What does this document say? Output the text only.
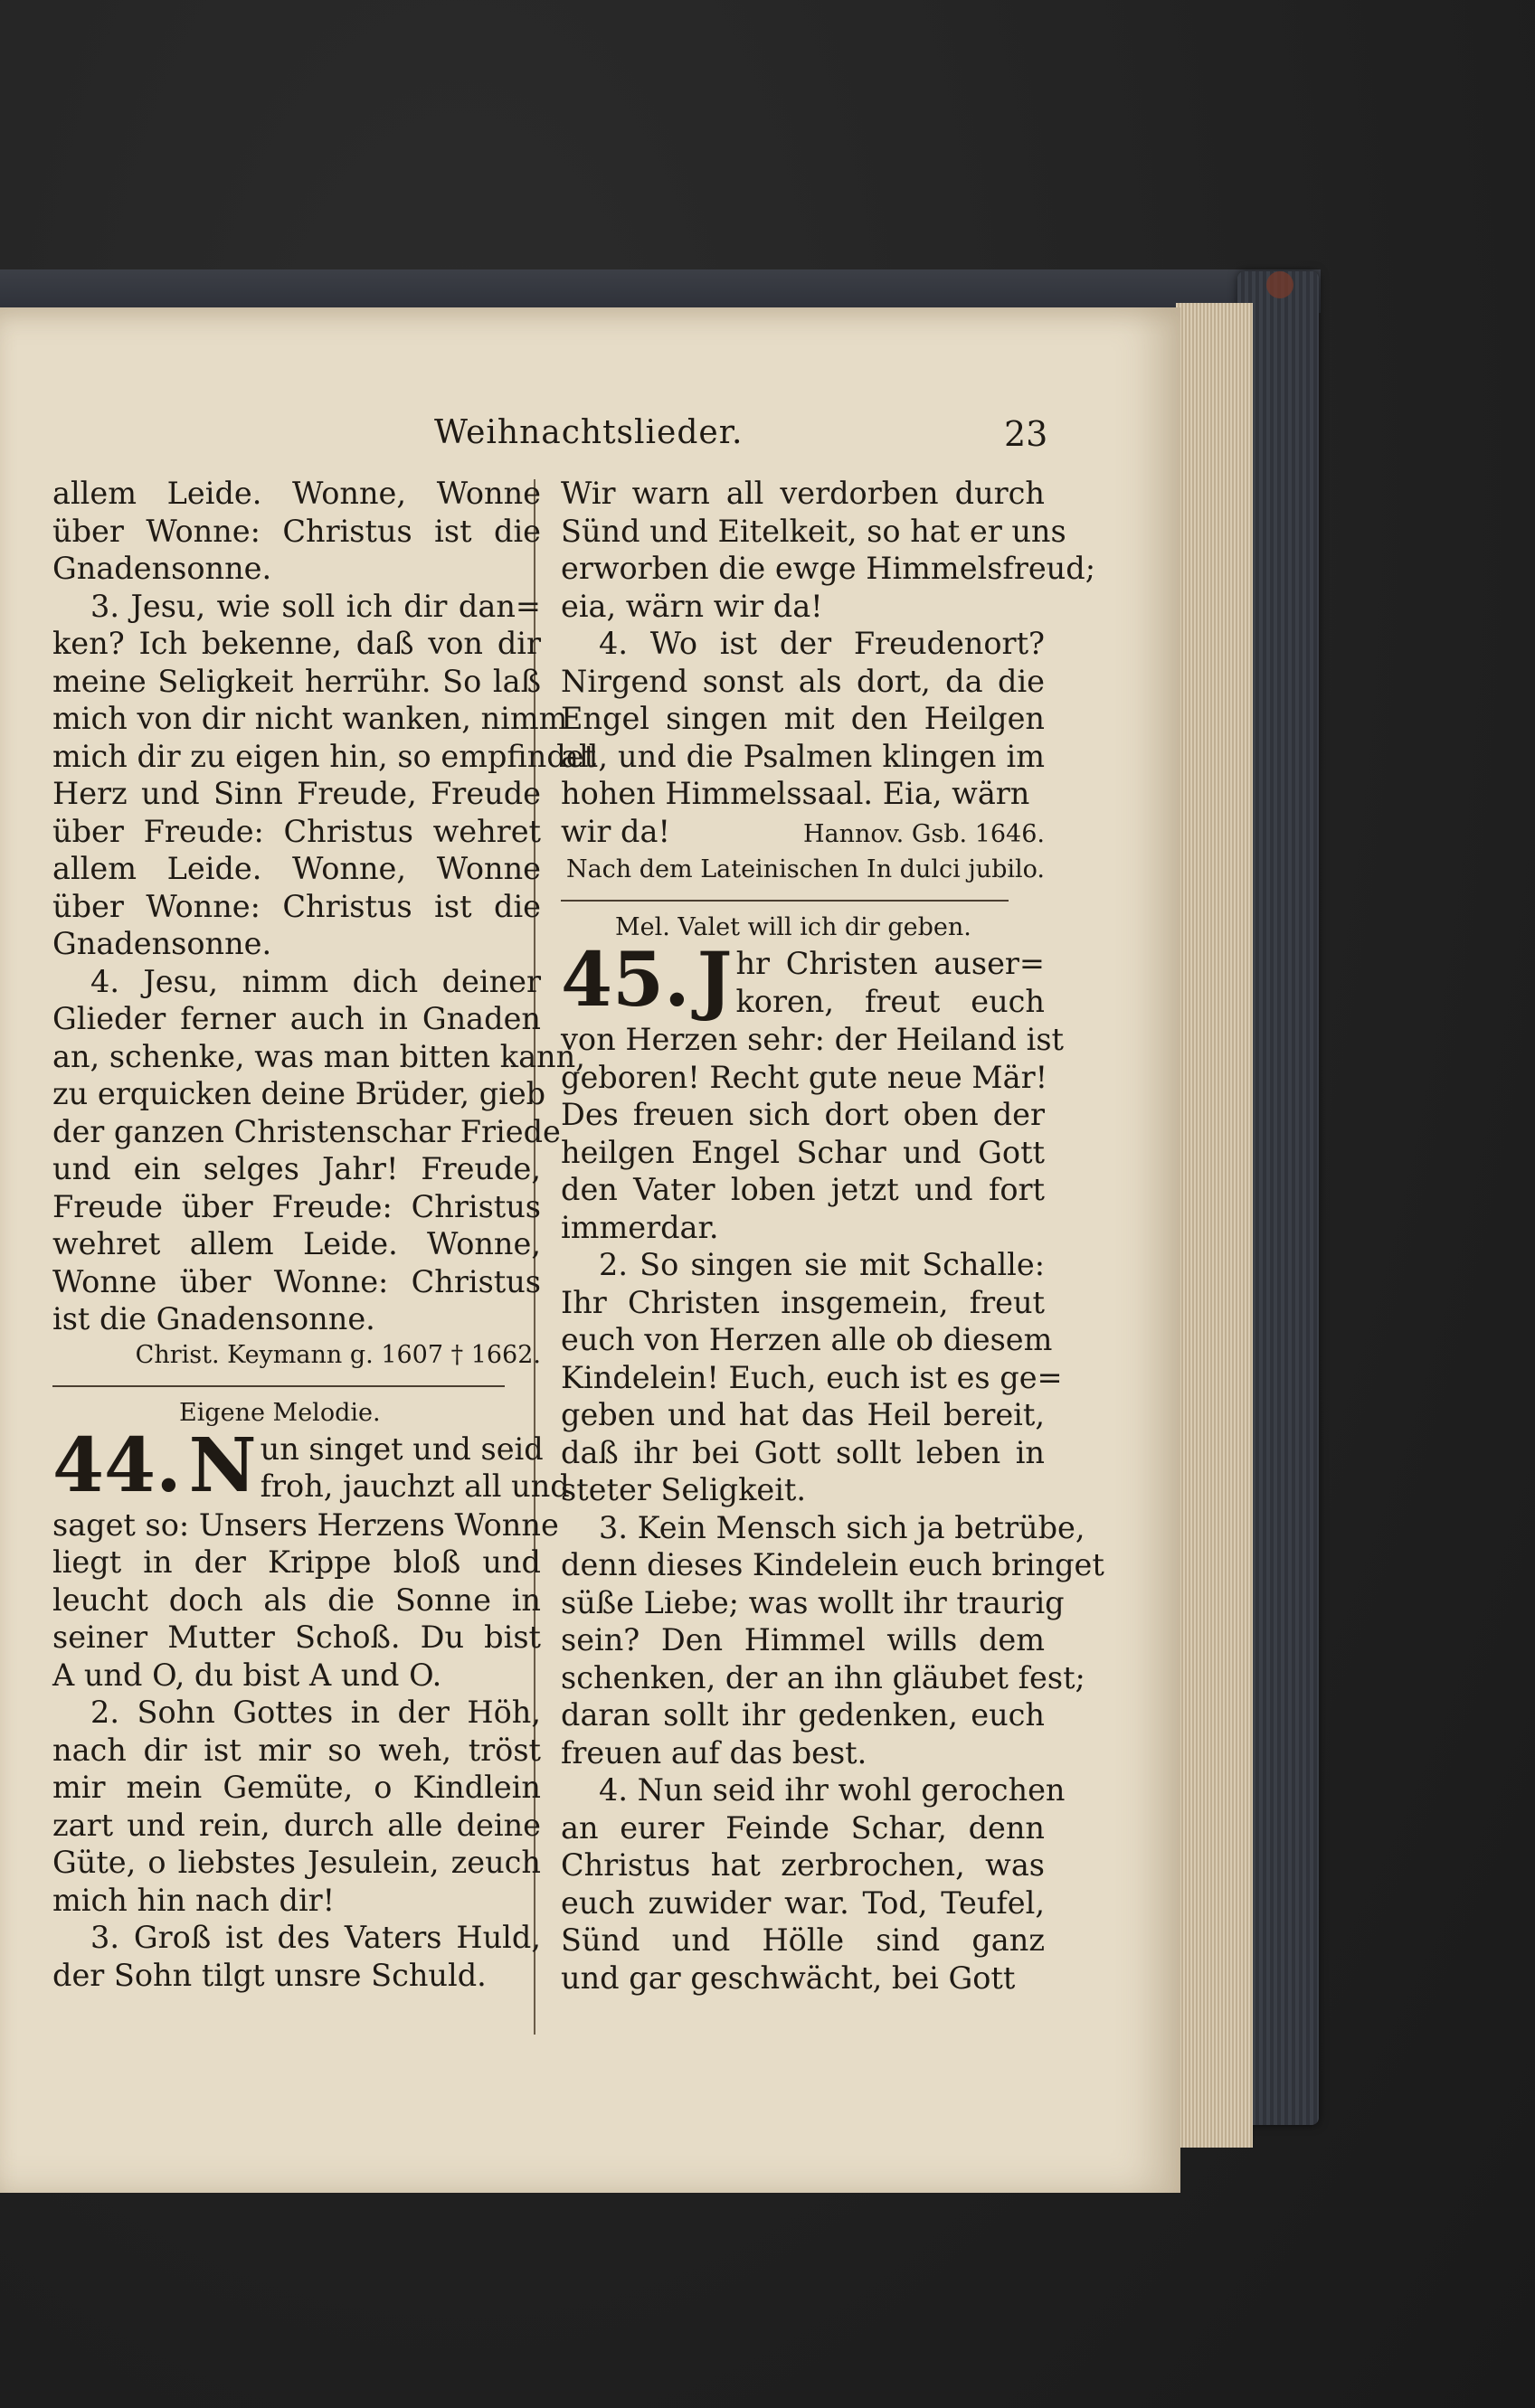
Weihnachtslieder.	23
allem Leide. Wonne, Wonne
über Wonne: Christus ist die
Gnadensonne.
3. Jesu, wie soll ich dir dan=
ken? Ich bekenne, daß von dir
meine Seligkeit herrühr. So laß
mich von dir nicht wanken, nimm
mich dir zu eigen hin, so empfindet
Herz und Sinn Freude, Freude
über Freude: Christus wehret
allem Leide. Wonne, Wonne
über Wonne: Christus ist die
Gnadensonne.
4. Jesu, nimm dich deiner
Glieder ferner auch in Gnaden
an, schenke, was man bitten kann,
zu erquicken deine Brüder, gieb
der ganzen Christenschar Friede
und ein selges Jahr! Freude,
Freude über Freude: Christus
wehret allem Leide. Wonne,
Wonne über Wonne: Christus
ist die Gnadensonne.
Christ. Keymann g. 1607 † 1662.
Eigene Melodie.
44. N un singet und seid
froh, jauchzt all und
saget so: Unsers Herzens Wonne
liegt in der Krippe bloß und
leucht doch als die Sonne in
seiner Mutter Schoß. Du bist
A und O, du bist A und O.
2. Sohn Gottes in der Höh,
nach dir ist mir so weh, tröst
mir mein Gemüte, o Kindlein
zart und rein, durch alle deine
Güte, o liebstes Jesulein, zeuch
mich hin nach dir!
3. Groß ist des Vaters Huld,
der Sohn tilgt unsre Schuld.
Wir warn all verdorben durch
Sünd und Eitelkeit, so hat er uns
erworben die ewge Himmelsfreud;
eia, wärn wir da!
4. Wo ist der Freudenort?
Nirgend sonst als dort, da die
Engel singen mit den Heilgen
all, und die Psalmen klingen im
hohen Himmelssaal. Eia, wärn
wir da!	Hannov. Gsb. 1646.
Nach dem Lateinischen In dulci jubilo.
Mel. Valet will ich dir geben.
45. J hr Christen auser=
koren, freut euch
von Herzen sehr: der Heiland ist
geboren! Recht gute neue Mär!
Des freuen sich dort oben der
heilgen Engel Schar und Gott
den Vater loben jetzt und fort
immerdar.
2. So singen sie mit Schalle:
Ihr Christen insgemein, freut
euch von Herzen alle ob diesem
Kindelein! Euch, euch ist es ge=
geben und hat das Heil bereit,
daß ihr bei Gott sollt leben in
steter Seligkeit.
3. Kein Mensch sich ja betrübe,
denn dieses Kindelein euch bringet
süße Liebe; was wollt ihr traurig
sein? Den Himmel wills dem
schenken, der an ihn gläubet fest;
daran sollt ihr gedenken, euch
freuen auf das best.
4. Nun seid ihr wohl gerochen
an eurer Feinde Schar, denn
Christus hat zerbrochen, was
euch zuwider war. Tod, Teufel,
Sünd und Hölle sind ganz
und gar geschwächt, bei Gott
